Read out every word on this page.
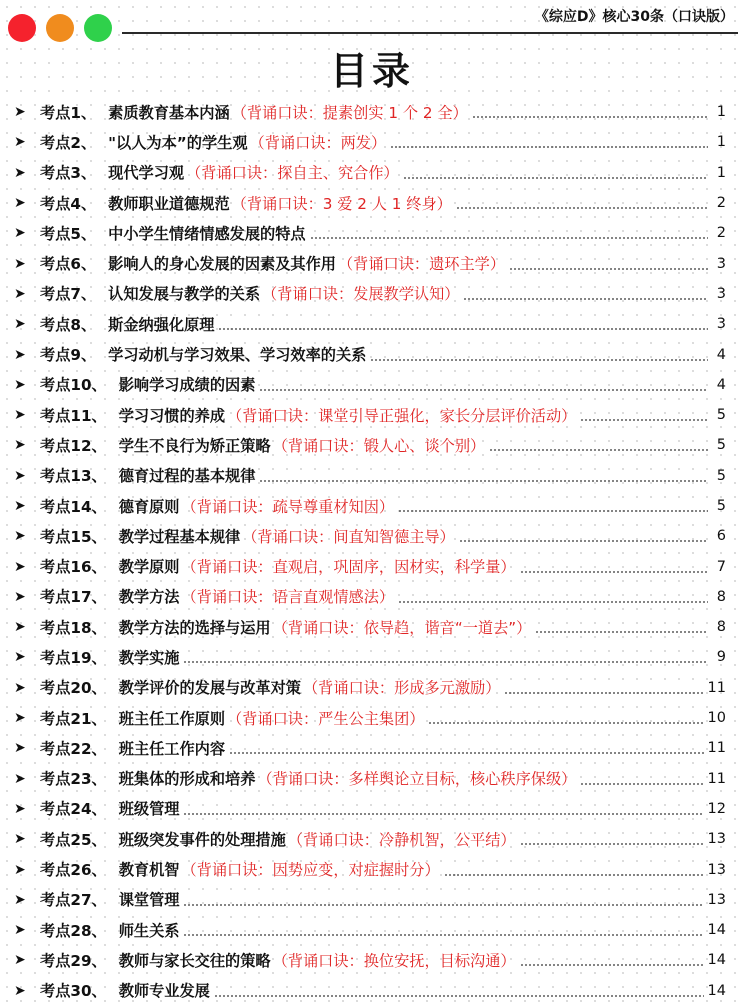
《综应D》核心30条（口诀版）
目录
➤ 考点1、 素质教育基本内涵 （背诵口诀：提素创实 1 个 2 全）	1
➤ 考点2、 "以人为本”的学生观 （背诵口诀：两发）	1
➤ 考点3、 现代学习观 （背诵口诀：探自主、究合作）	1
➤ 考点4、 教师职业道德规范 （背诵口诀：3 爱 2 人 1 终身）	2
➤ 考点5、 中小学生情绪情感发展的特点	2
➤ 考点6、 影响人的身心发展的因素及其作用 （背诵口诀：遗环主学）	3
➤ 考点7、 认知发展与教学的关系 （背诵口诀：发展教学认知）	3
➤ 考点8、 斯金纳强化原理	3
➤ 考点9、 学习动机与学习效果、学习效率的关系	4
➤ 考点10、 影响学习成绩的因素	4
➤ 考点11、 学习习惯的养成 （背诵口诀：课堂引导正强化，家长分层评价活动）	5
➤ 考点12、 学生不良行为矫正策略 （背诵口诀：锻人心、谈个别）	5
➤ 考点13、 德育过程的基本规律	5
➤ 考点14、 德育原则 （背诵口诀：疏导尊重材知因）	5
➤ 考点15、 教学过程基本规律 （背诵口诀：间直知智德主导）	6
➤ 考点16、 教学原则 （背诵口诀：直观启，巩固序，因材实，科学量）	7
➤ 考点17、 教学方法 （背诵口诀：语言直观情感法）	8
➤ 考点18、 教学方法的选择与运用 （背诵口诀：依导趋，谐音“一道去”）	8
➤ 考点19、 教学实施	9
➤ 考点20、 教学评价的发展与改革对策 （背诵口诀：形成多元激励）	11
➤ 考点21、 班主任工作原则 （背诵口诀：严生公主集团）	10
➤ 考点22、 班主任工作内容	11
➤ 考点23、 班集体的形成和培养 （背诵口诀：多样舆论立目标，核心秩序保级）	11
➤ 考点24、 班级管理	12
➤ 考点25、 班级突发事件的处理措施 （背诵口诀：冷静机智，公平结）	13
➤ 考点26、 教育机智 （背诵口诀：因势应变，对症握时分）	13
➤ 考点27、 课堂管理	13
➤ 考点28、 师生关系	14
➤ 考点29、 教师与家长交往的策略 （背诵口诀：换位安抚，目标沟通）	14
➤ 考点30、 教师专业发展	14
